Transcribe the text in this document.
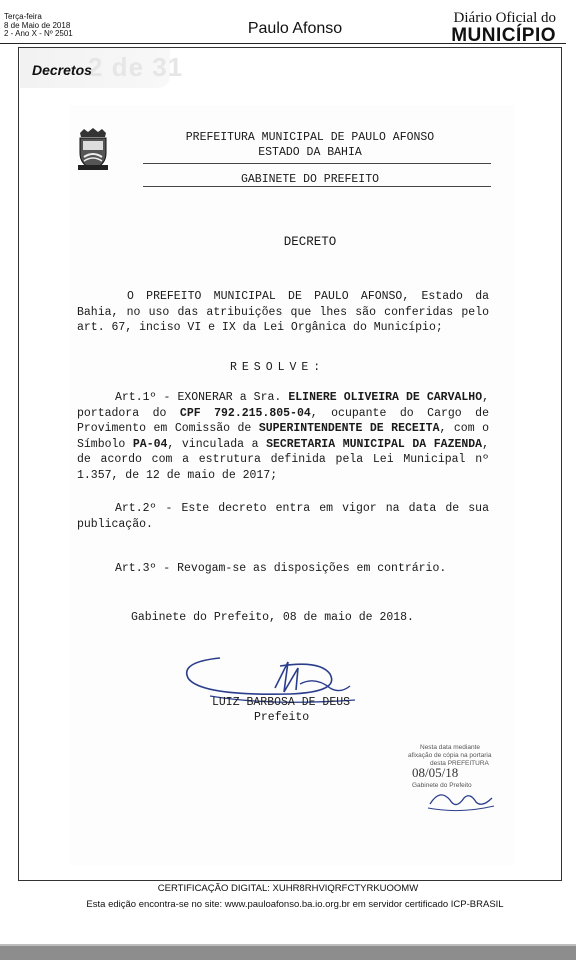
Terça-feira
8 de Maio de 2018
2 - Ano X - Nº 2501	Paulo Afonso
Diário Oficial do
MUNICÍPIO
2 de 31
Decretos
PREFEITURA MUNICIPAL DE PAULO AFONSO
ESTADO DA BAHIA
GABINETE DO PREFEITO
DECRETO
O PREFEITO MUNICIPAL DE PAULO AFONSO, Estado da Bahia, no uso das atribuições que lhes são conferidas pelo art. 67, inciso VI e IX da Lei Orgânica do Município;
RESOLVE:
Art.1º - EXONERAR a Sra. ELINERE OLIVEIRA DE CARVALHO, portadora do CPF 792.215.805-04, ocupante do Cargo de Provimento em Comissão de SUPERINTENDENTE DE RECEITA, com o Símbolo PA-04, vinculada a SECRETARIA MUNICIPAL DA FAZENDA, de acordo com a estrutura definida pela Lei Municipal nº 1.357, de 12 de maio de 2017;
Art.2º - Este decreto entra em vigor na data de sua publicação.
Art.3º - Revogam-se as disposições em contrário.
Gabinete do Prefeito, 08 de maio de 2018.
LUIZ BARBOSA DE DEUS
Prefeito
Nesta data mediante
afixação de cópia na portaria
desta PREFEITURA
Gabinete do Prefeito
08/05/18
CERTIFICAÇÃO DIGITAL: XUHR8RHVIQRFCTYRKUOOMW
Esta edição encontra-se no site: www.pauloafonso.ba.io.org.br em servidor certificado ICP-BRASIL
